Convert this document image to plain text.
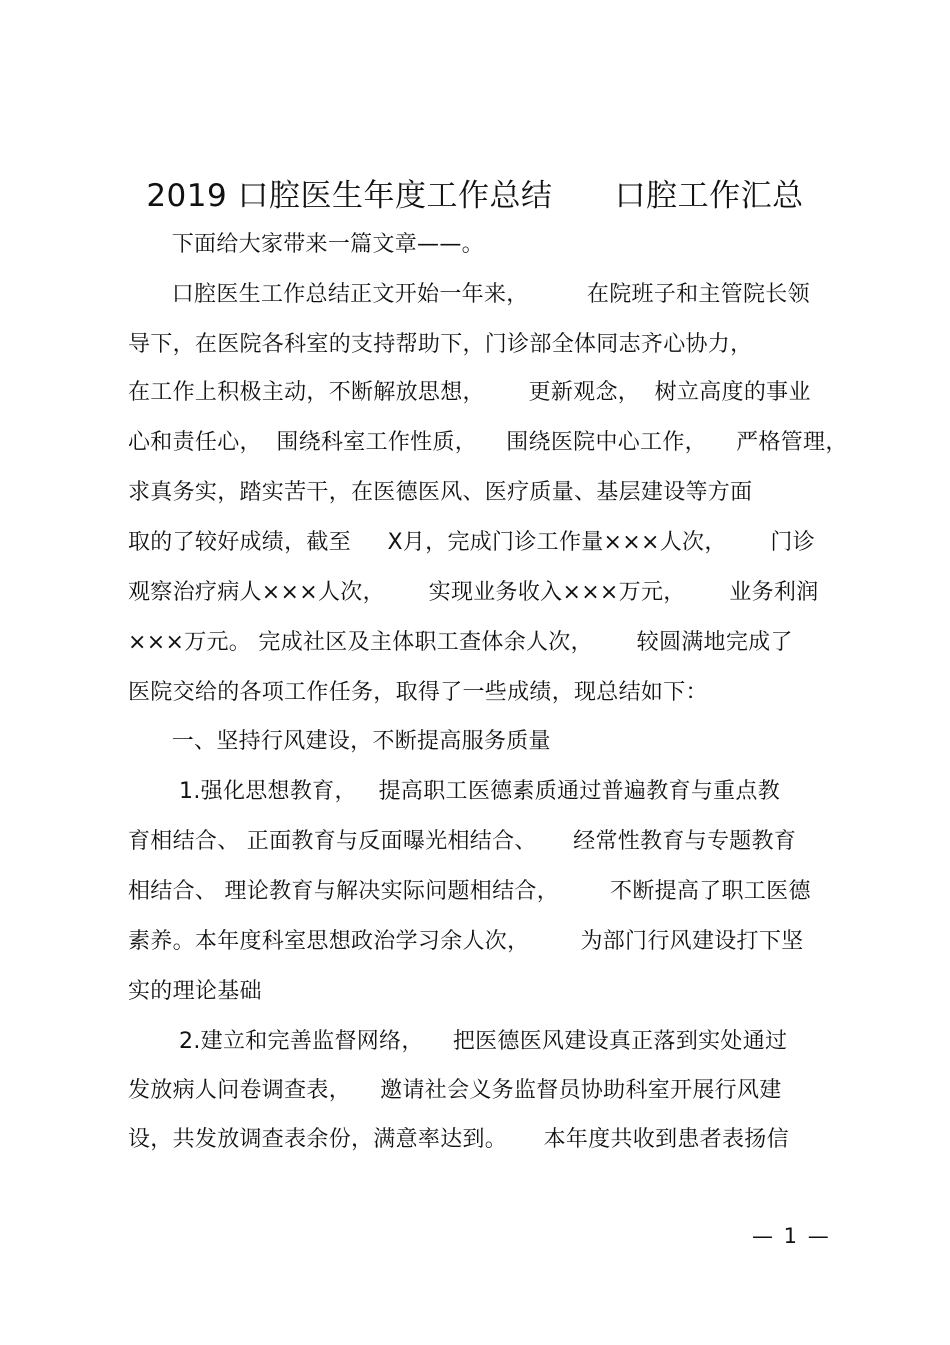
2019 口腔医生年度工作总结      口腔工作汇总
下面给大家带来一篇文章——。
口腔医生工作总结正文开始一年来，        在院班子和主管院长领
导下，在医院各科室的支持帮助下，门诊部全体同志齐心协力，
在工作上积极主动，不断解放思想，      更新观念，  树立高度的事业
心和责任心，  围绕科室工作性质，    围绕医院中心工作，    严格管理，
求真务实，踏实苦干，在医德医风、医疗质量、基层建设等方面
取的了较好成绩，截至     X月，完成门诊工作量×××人次，      门诊
观察治疗病人×××人次，      实现业务收入×××万元，      业务利润
×××万元。 完成社区及主体职工查体余人次，      较圆满地完成了
医院交给的各项工作任务，取得了一些成绩，现总结如下：
一、坚持行风建设，不断提高服务质量
1.强化思想教育，   提高职工医德素质通过普遍教育与重点教
育相结合、 正面教育与反面曝光相结合、     经常性教育与专题教育
相结合、 理论教育与解决实际问题相结合，       不断提高了职工医德
素养。本年度科室思想政治学习余人次，       为部门行风建设打下坚
实的理论基础
2.建立和完善监督网络，    把医德医风建设真正落到实处通过
发放病人问卷调查表，    邀请社会义务监督员协助科室开展行风建
设，共发放调查表余份，满意率达到。     本年度共收到患者表扬信
— 1 —
